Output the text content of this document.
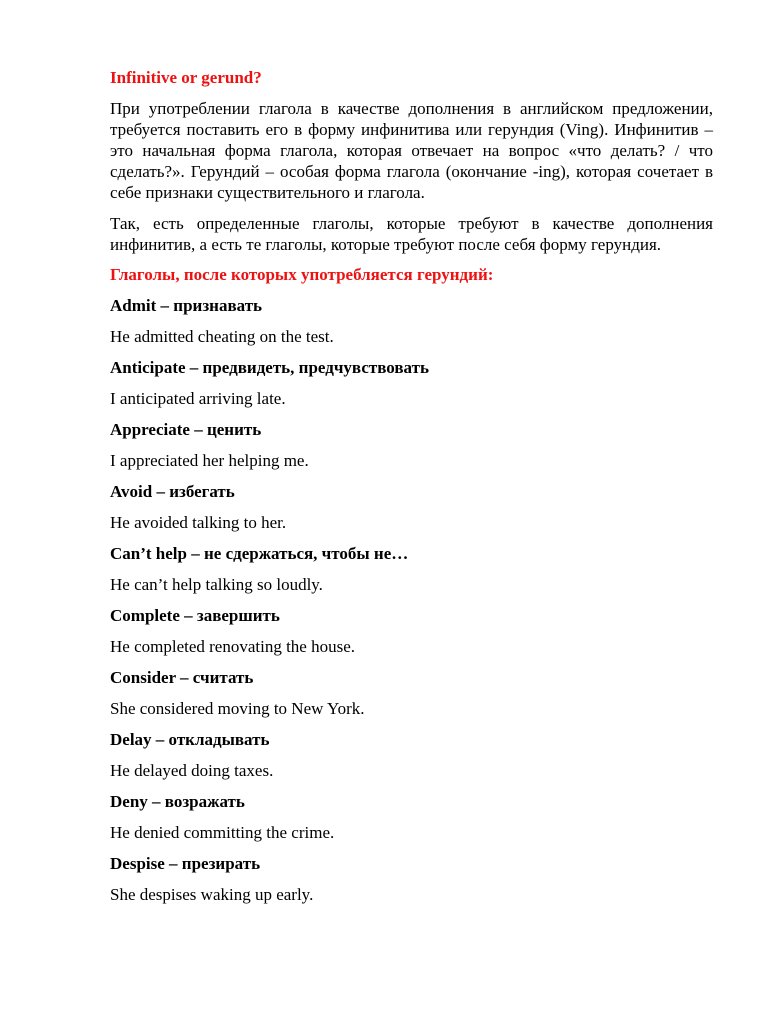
Infinitive or gerund?

При употреблении глагола в качестве дополнения в английском предложении, требуется поставить его в форму инфинитива или герундия (Ving). Инфинитив – это начальная форма глагола, которая отвечает на вопрос «что делать? / что сделать?». Герундий – особая форма глагола (окончание -ing), которая сочетает в себе признаки существительного и глагола.

Так, есть определенные глаголы, которые требуют в качестве дополнения инфинитив, а есть те глаголы, которые требуют после себя форму герундия.

Глаголы, после которых употребляется герундий:
Admit – признавать
He admitted cheating on the test.
Anticipate – предвидеть, предчувствовать
I anticipated arriving late.
Appreciate – ценить
I appreciated her helping me.
Avoid – избегать
He avoided talking to her.
Can’t help – не сдержаться, чтобы не…
He can’t help talking so loudly.
Complete – завершить
He completed renovating the house.
Consider – считать
She considered moving to New York.
Delay – откладывать
He delayed doing taxes.
Deny – возражать
He denied committing the crime.
Despise – презирать
She despises waking up early.
